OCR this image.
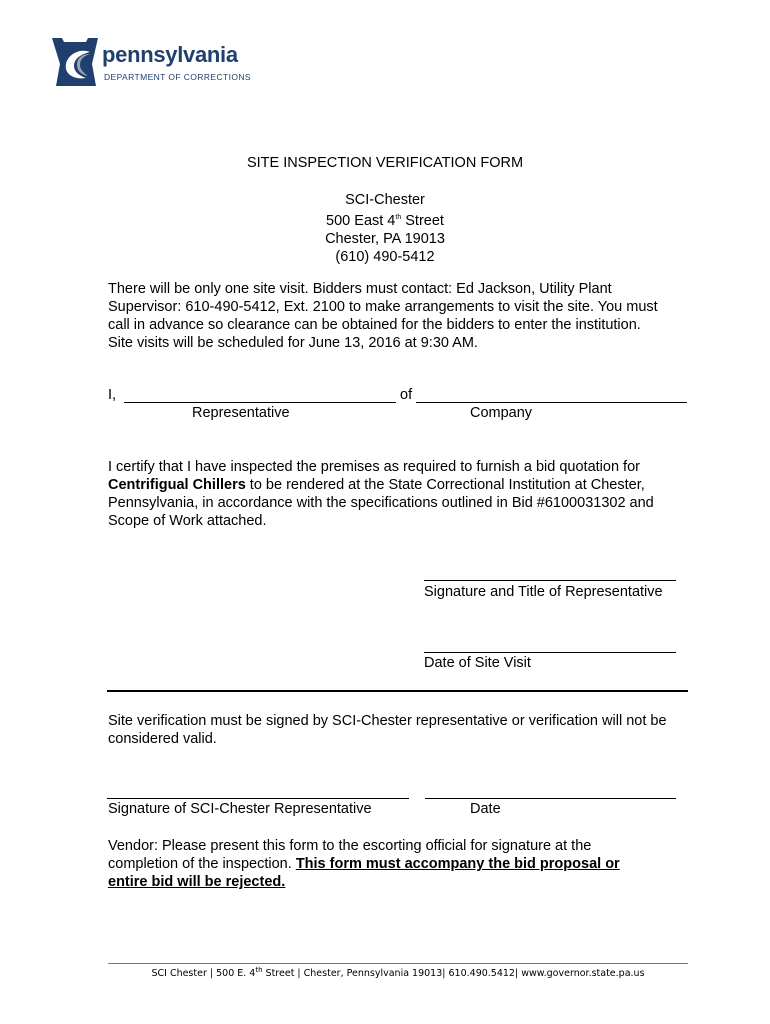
pennsylvania
DEPARTMENT OF CORRECTIONS
SITE INSPECTION VERIFICATION FORM
SCI-Chester
500 East 4th Street
Chester, PA 19013
(610) 490-5412

There will be only one site visit. Bidders must contact: Ed Jackson, Utility Plant Supervisor: 610-490-5412, Ext. 2100 to make arrangements to visit the site. You must call in advance so clearance can be obtained for the bidders to enter the institution. Site visits will be scheduled for June 13, 2016 at 9:30 AM.

I,	of
Representative	Company

I certify that I have inspected the premises as required to furnish a bid quotation for Centrifigual Chillers to be rendered at the State Correctional Institution at Chester, Pennsylvania, in accordance with the specifications outlined in Bid #6100031302 and Scope of Work attached.

Signature and Title of Representative
Date of Site Visit

Site verification must be signed by SCI-Chester representative or verification will not be considered valid.

Signature of SCI-Chester Representative	Date

Vendor: Please present this form to the escorting official for signature at the completion of the inspection. This form must accompany the bid proposal or entire bid will be rejected.

SCI Chester | 500 E. 4th Street | Chester, Pennsylvania 19013| 610.490.5412| www.governor.state.pa.us
